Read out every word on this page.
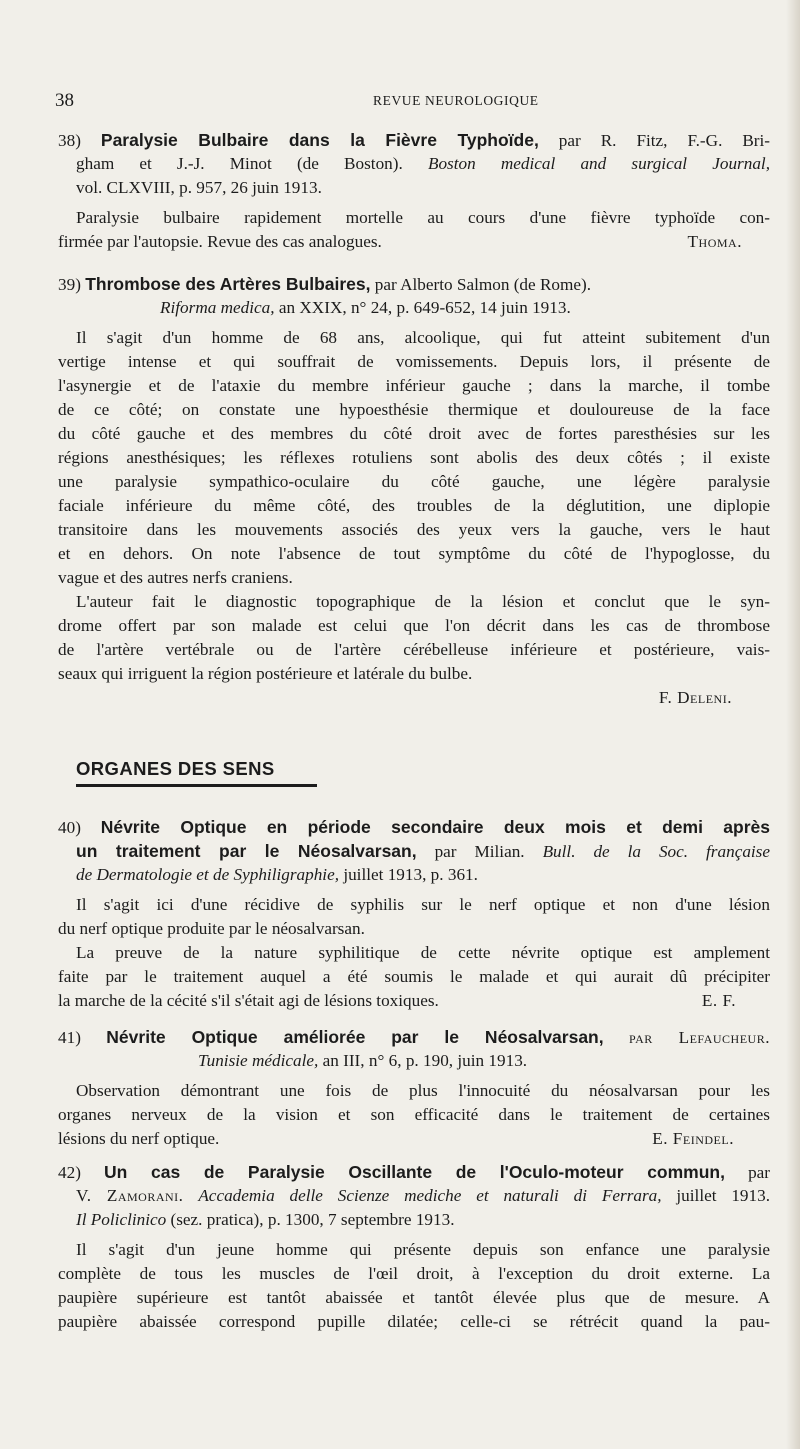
38	REVUE NEUROLOGIQUE
38) Paralysie Bulbaire dans la Fièvre Typhoïde, par R. Fitz, F.-G. Bri-
gham et J.-J. Minot (de Boston). Boston medical and surgical Journal,
vol. CLXVIII, p. 957, 26 juin 1913.
Paralysie bulbaire rapidement mortelle au cours d'une fièvre typhoïde con-
firmée par l'autopsie. Revue des cas analogues.	Thoma.
39) Thrombose des Artères Bulbaires, par Alberto Salmon (de Rome).
Riforma medica, an XXIX, n° 24, p. 649-652, 14 juin 1913.
Il s'agit d'un homme de 68 ans, alcoolique, qui fut atteint subitement d'un
vertige intense et qui souffrait de vomissements. Depuis lors, il présente de
l'asynergie et de l'ataxie du membre inférieur gauche ; dans la marche, il tombe
de ce côté; on constate une hypoesthésie thermique et douloureuse de la face
du côté gauche et des membres du côté droit avec de fortes paresthésies sur les
régions anesthésiques; les réflexes rotuliens sont abolis des deux côtés ; il existe
une paralysie sympathico-oculaire du côté gauche, une légère paralysie
faciale inférieure du même côté, des troubles de la déglutition, une diplopie
transitoire dans les mouvements associés des yeux vers la gauche, vers le haut
et en dehors. On note l'absence de tout symptôme du côté de l'hypoglosse, du
vague et des autres nerfs craniens.
L'auteur fait le diagnostic topographique de la lésion et conclut que le syn-
drome offert par son malade est celui que l'on décrit dans les cas de thrombose
de l'artère vertébrale ou de l'artère cérébelleuse inférieure et postérieure, vais-
seaux qui irriguent la région postérieure et latérale du bulbe.
F. Deleni.
ORGANES DES SENS
40) Névrite Optique en période secondaire deux mois et demi après
un traitement par le Néosalvarsan, par Milian. Bull. de la Soc. française
de Dermatologie et de Syphiligraphie, juillet 1913, p. 361.
Il s'agit ici d'une récidive de syphilis sur le nerf optique et non d'une lésion
du nerf optique produite par le néosalvarsan.
La preuve de la nature syphilitique de cette névrite optique est amplement
faite par le traitement auquel a été soumis le malade et qui aurait dû précipiter
la marche de la cécité s'il s'était agi de lésions toxiques.	E. F.
41) Névrite Optique améliorée par le Néosalvarsan, par Lefaucheur.
Tunisie médicale, an III, n° 6, p. 190, juin 1913.
Observation démontrant une fois de plus l'innocuité du néosalvarsan pour les
organes nerveux de la vision et son efficacité dans le traitement de certaines
lésions du nerf optique.	E. Feindel.
42) Un cas de Paralysie Oscillante de l'Oculo-moteur commun, par
V. Zamorani. Accademia delle Scienze mediche et naturali di Ferrara, juillet 1913.
Il Policlinico (sez. pratica), p. 1300, 7 septembre 1913.
Il s'agit d'un jeune homme qui présente depuis son enfance une paralysie
complète de tous les muscles de l'œil droit, à l'exception du droit externe. La
paupière supérieure est tantôt abaissée et tantôt élevée plus que de mesure. A
paupière abaissée correspond pupille dilatée; celle-ci se rétrécit quand la pau-
